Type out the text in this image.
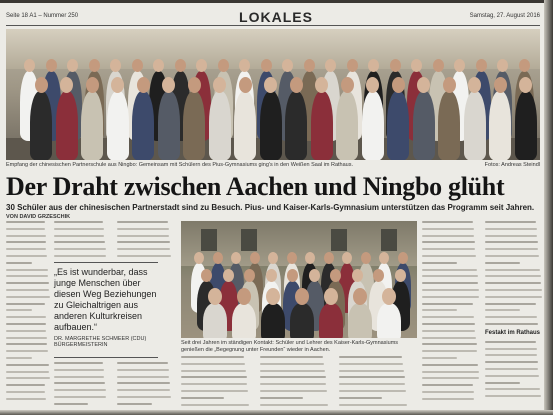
Seite 18 A1 – Nummer 250	LOKALES	Samstag, 27. August 2016
Empfang der chinesischen Partnerschule aus Ningbo: Gemeinsam mit Schülern des Pius-Gymnasiums ging's in den Weißen Saal im Rathaus.	Fotos: Andreas Steindl
Der Draht zwischen Aachen und Ningbo glüht
30 Schüler aus der chinesischen Partnerstadt sind zu Besuch. Pius- und Kaiser-Karls-Gymnasium unterstützen das Programm seit Jahren.
VON DAVID GRZESCHIK
„Es ist wunderbar, dass junge Menschen über diesen Weg Beziehungen zu Gleichaltrigen aus anderen Kulturkreisen aufbauen.“
DR. MARGRETHE SCHMEER (CDU) BÜRGERMEISTERIN	Seit drei Jahren im ständigen Kontakt: Schüler und Lehrer des Kaiser-Karls-Gymnasiums genießen die „Begegnung unter Freunden“ wieder in Aachen.
Festakt im Rathaus
